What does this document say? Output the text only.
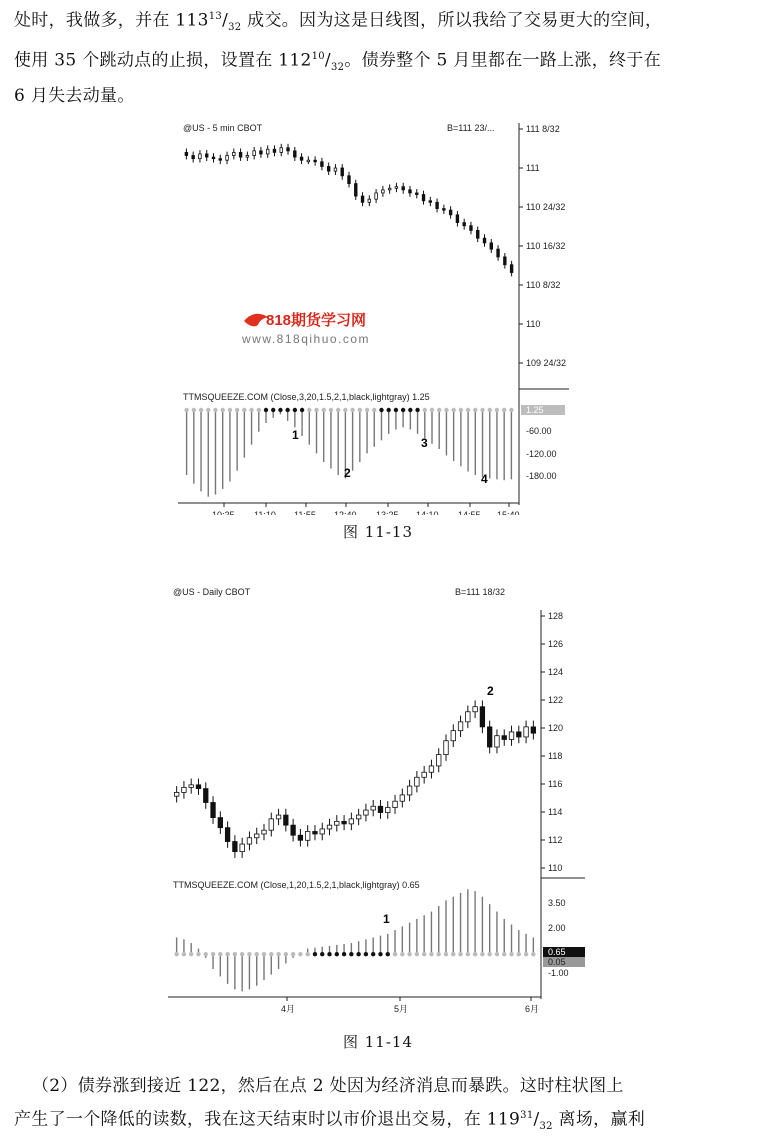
处时，我做多，并在 $113^{13}/_{32}$ 成交。因为这是日线图，所以我给了交易更大的空间，
使用 35 个跳动点的止损，设置在 $112^{10}/_{32}$。债券整个 5 月里都在一路上涨，终于在
6 月失去动量。
@US - 5 min CBOT	B=111 23/...
TTMSQUEEZE.COM (Close,3,20,1.5,2,1,black,lightgray) 1.25
111 8/32
111
110 24/32
110 16/32
110 8/32
110
109 24/32
1.25
-60.00
-120.00
-180.00
10:25 11:10 11:55 12:40 13:25 14:10 14:55 15:40
1
2
3
4
818期货学习网
www.818qihuo.com
图 11-13
@US - Daily CBOT	B=111 18/32
TTMSQUEEZE.COM (Close,1,20,1.5,2,1,black,lightgray) 0.65
128
126
124
122
120
118
116
114
112
110
3.50
2.00
0.65
0.05
-1.00
4月	5月	6月
1
2
图 11-14
（2）债券涨到接近 122，然后在点 2 处因为经济消息而暴跌。这时柱状图上
产生了一个降低的读数，我在这天结束时以市价退出交易，在 $119^{31}/_{32}$ 离场，赢利
